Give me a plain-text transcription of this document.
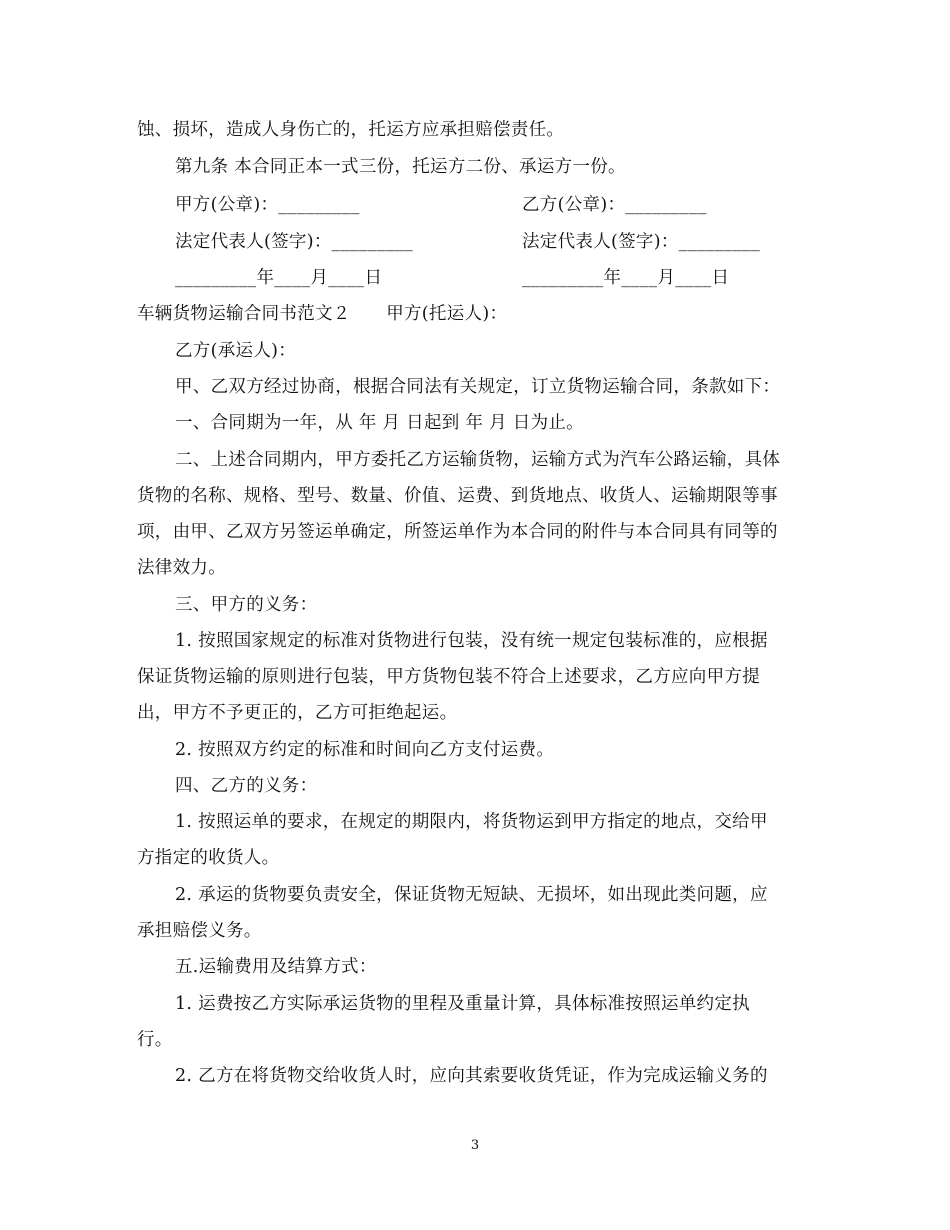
蚀、损坏，造成人身伤亡的，托运方应承担赔偿责任。
第九条 本合同正本一式三份，托运方二份、承运方一份。
甲方(公章)：_________	乙方(公章)：_________
法定代表人(签字)：_________	法定代表人(签字)：_________
_________年____月____日	_________年____月____日
车辆货物运输合同书范文２　　甲方(托运人)：
乙方(承运人)：
甲、乙双方经过协商，根据合同法有关规定，订立货物运输合同，条款如下：
一、合同期为一年，从 年 月 日起到 年 月 日为止。
二、上述合同期内，甲方委托乙方运输货物，运输方式为汽车公路运输，具体
货物的名称、规格、型号、数量、价值、运费、到货地点、收货人、运输期限等事
项，由甲、乙双方另签运单确定，所签运单作为本合同的附件与本合同具有同等的
法律效力。
三、甲方的义务：
1. 按照国家规定的标准对货物进行包装，没有统一规定包装标准的，应根据
保证货物运输的原则进行包装，甲方货物包装不符合上述要求，乙方应向甲方提
出，甲方不予更正的，乙方可拒绝起运。
2. 按照双方约定的标准和时间向乙方支付运费。
四、乙方的义务：
1. 按照运单的要求，在规定的期限内，将货物运到甲方指定的地点，交给甲
方指定的收货人。
2. 承运的货物要负责安全，保证货物无短缺、无损坏，如出现此类问题，应
承担赔偿义务。
五.运输费用及结算方式：
1. 运费按乙方实际承运货物的里程及重量计算，具体标准按照运单约定执
行。
2. 乙方在将货物交给收货人时，应向其索要收货凭证，作为完成运输义务的
3
